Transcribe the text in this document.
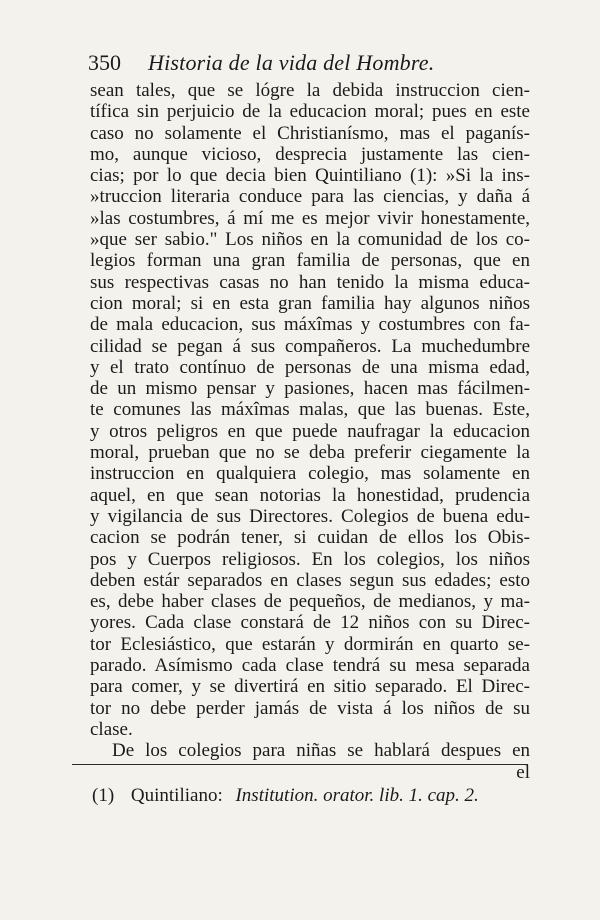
350 Historia de la vida del Hombre.
sean tales, que se lógre la debida instruccion cien-
tífica sin perjuicio de la educacion moral; pues en este
caso no solamente el Christianísmo, mas el paganís-
mo, aunque vicioso, desprecia justamente las cien-
cias; por lo que decia bien Quintiliano (1): »Si la ins-
»truccion literaria conduce para las ciencias, y daña á
»las costumbres, á mí me es mejor vivir honestamente,
»que ser sabio." Los niños en la comunidad de los co-
legios forman una gran familia de personas, que en
sus respectivas casas no han tenido la misma educa-
cion moral; si en esta gran familia hay algunos niños
de mala educacion, sus máxîmas y costumbres con fa-
cilidad se pegan á sus compañeros. La muchedumbre
y el trato contínuo de personas de una misma edad,
de un mismo pensar y pasiones, hacen mas fácilmen-
te comunes las máxîmas malas, que las buenas. Este,
y otros peligros en que puede naufragar la educacion
moral, prueban que no se deba preferir ciegamente la
instruccion en qualquiera colegio, mas solamente en
aquel, en que sean notorias la honestidad, prudencia
y vigilancia de sus Directores. Colegios de buena edu-
cacion se podrán tener, si cuidan de ellos los Obis-
pos y Cuerpos religiosos. En los colegios, los niños
deben estár separados en clases segun sus edades; esto
es, debe haber clases de pequeños, de medianos, y ma-
yores. Cada clase constará de 12 niños con su Direc-
tor Eclesiástico, que estarán y dormirán en quarto se-
parado. Asímismo cada clase tendrá su mesa separada
para comer, y se divertirá en sitio separado. El Direc-
tor no debe perder jamás de vista á los niños de su
clase.
De los colegios para niñas se hablará despues en
el
(1) Quintiliano: Institution. orator. lib. 1. cap. 2.
